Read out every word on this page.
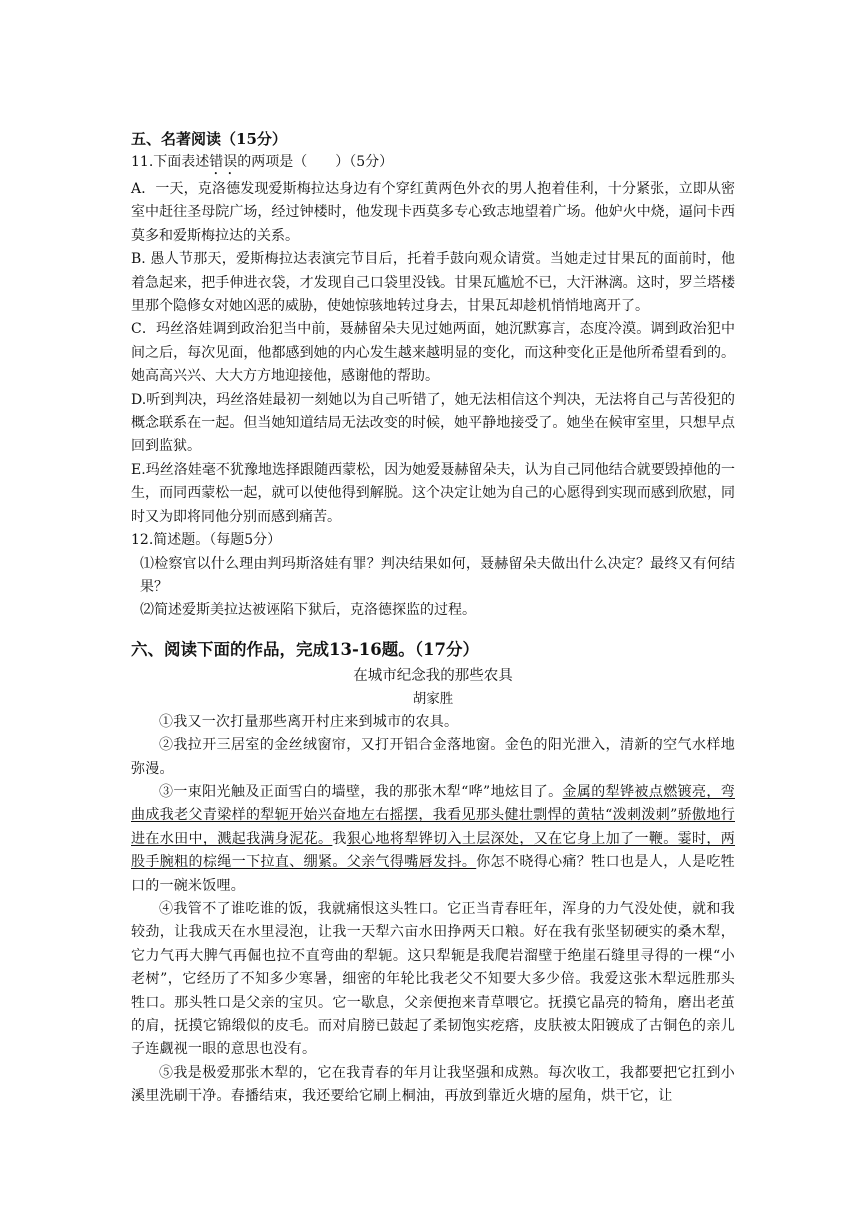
五、名著阅读（15分）
11.下面表述错误的两项是（　　）（5分）
A．一天，克洛德发现爱斯梅拉达身边有个穿红黄两色外衣的男人抱着佳利，十分紧张，立即从密室中赶往圣母院广场，经过钟楼时，他发现卡西莫多专心致志地望着广场。他妒火中烧，逼问卡西莫多和爱斯梅拉达的关系。
B. 愚人节那天，爱斯梅拉达表演完节目后，托着手鼓向观众请赏。当她走过甘果瓦的面前时，他着急起来，把手伸进衣袋，才发现自己口袋里没钱。甘果瓦尴尬不已，大汗淋漓。这时，罗兰塔楼里那个隐修女对她凶恶的威胁，使她惊骇地转过身去，甘果瓦却趁机悄悄地离开了。
C．玛丝洛娃调到政治犯当中前，聂赫留朵夫见过她两面，她沉默寡言，态度冷漠。调到政治犯中间之后，每次见面，他都感到她的内心发生越来越明显的变化，而这种变化正是他所希望看到的。她高高兴兴、大大方方地迎接他，感谢他的帮助。
D.听到判决，玛丝洛娃最初一刻她以为自己听错了，她无法相信这个判决，无法将自己与苦役犯的概念联系在一起。但当她知道结局无法改变的时候，她平静地接受了。她坐在候审室里，只想早点回到监狱。
E.玛丝洛娃毫不犹豫地选择跟随西蒙松，因为她爱聂赫留朵夫，认为自己同他结合就要毁掉他的一生，而同西蒙松一起，就可以使他得到解脱。这个决定让她为自己的心愿得到实现而感到欣慰，同时又为即将同他分别而感到痛苦。
12.简述题。（每题5分）
⑴检察官以什么理由判玛斯洛娃有罪？判决结果如何，聂赫留朵夫做出什么决定？最终又有何结果？
⑵简述爱斯美拉达被诬陷下狱后，克洛德探监的过程。
六、阅读下面的作品，完成13-16题。（17分）
在城市纪念我的那些农具
胡家胜
①我又一次打量那些离开村庄来到城市的农具。
②我拉开三居室的金丝绒窗帘，又打开铝合金落地窗。金色的阳光泄入，清新的空气水样地弥漫。
③一束阳光触及正面雪白的墙壁，我的那张木犁“哗”地炫目了。金属的犁铧被点燃镀亮，弯曲成我老父青梁样的犁轭开始兴奋地左右摇摆，我看见那头健壮剽悍的黄牯“泼刺泼刺”骄傲地行进在水田中，溅起我满身泥花。我狠心地将犁铧切入土层深处，又在它身上加了一鞭。霎时，两股手腕粗的棕绳一下拉直、绷紧。父亲气得嘴唇发抖。你怎不晓得心痛？牲口也是人，人是吃牲口的一碗米饭哩。
④我管不了谁吃谁的饭，我就痛恨这头牲口。它正当青春旺年，浑身的力气没处使，就和我较劲，让我成天在水里浸泡，让我一天犁六亩水田挣两天口粮。好在我有张坚韧硬实的桑木犁，它力气再大脾气再倔也拉不直弯曲的犁轭。这只犁轭是我爬岩溜壁于绝崖石缝里寻得的一棵“小老树”，它经历了不知多少寒暑，细密的年轮比我老父不知要大多少倍。我爱这张木犁远胜那头牲口。那头牲口是父亲的宝贝。它一歇息，父亲便抱来青草喂它。抚摸它晶亮的犄角，磨出老茧的肩，抚摸它锦缎似的皮毛。而对肩膀已鼓起了柔韧饱实疙瘩，皮肤被太阳镀成了古铜色的亲儿子连觑视一眼的意思也没有。
⑤我是极爱那张木犁的，它在我青春的年月让我坚强和成熟。每次收工，我都要把它扛到小溪里洗刷干净。春播结束，我还要给它刷上桐油，再放到靠近火塘的屋角，烘干它，让
